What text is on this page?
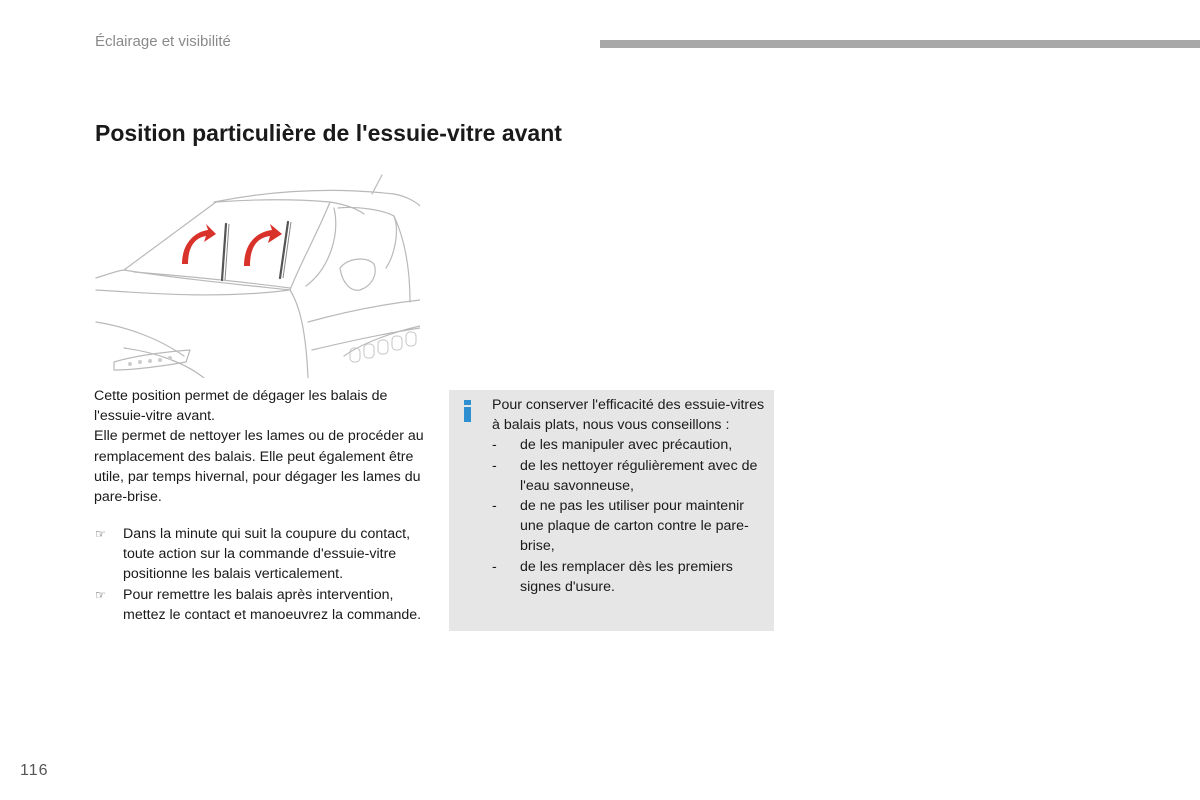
Éclairage et visibilité
Position particulière de l'essuie-vitre avant

Cette position permet de dégager les balais de l'essuie-vitre avant.

Elle permet de nettoyer les lames ou de procéder au remplacement des balais. Elle peut également être utile, par temps hivernal, pour dégager les lames du pare-brise.

☞ Dans la minute qui suit la coupure du contact, toute action sur la commande d'essuie-vitre positionne les balais verticalement.
☞ Pour remettre les balais après intervention, mettez le contact et manoeuvrez la commande.

Pour conserver l'efficacité des essuie-vitres à balais plats, nous vous conseillons :

- de les manipuler avec précaution,
- de les nettoyer régulièrement avec de l'eau savonneuse,
- de ne pas les utiliser pour maintenir une plaque de carton contre le pare-brise,
- de les remplacer dès les premiers signes d'usure.
116
